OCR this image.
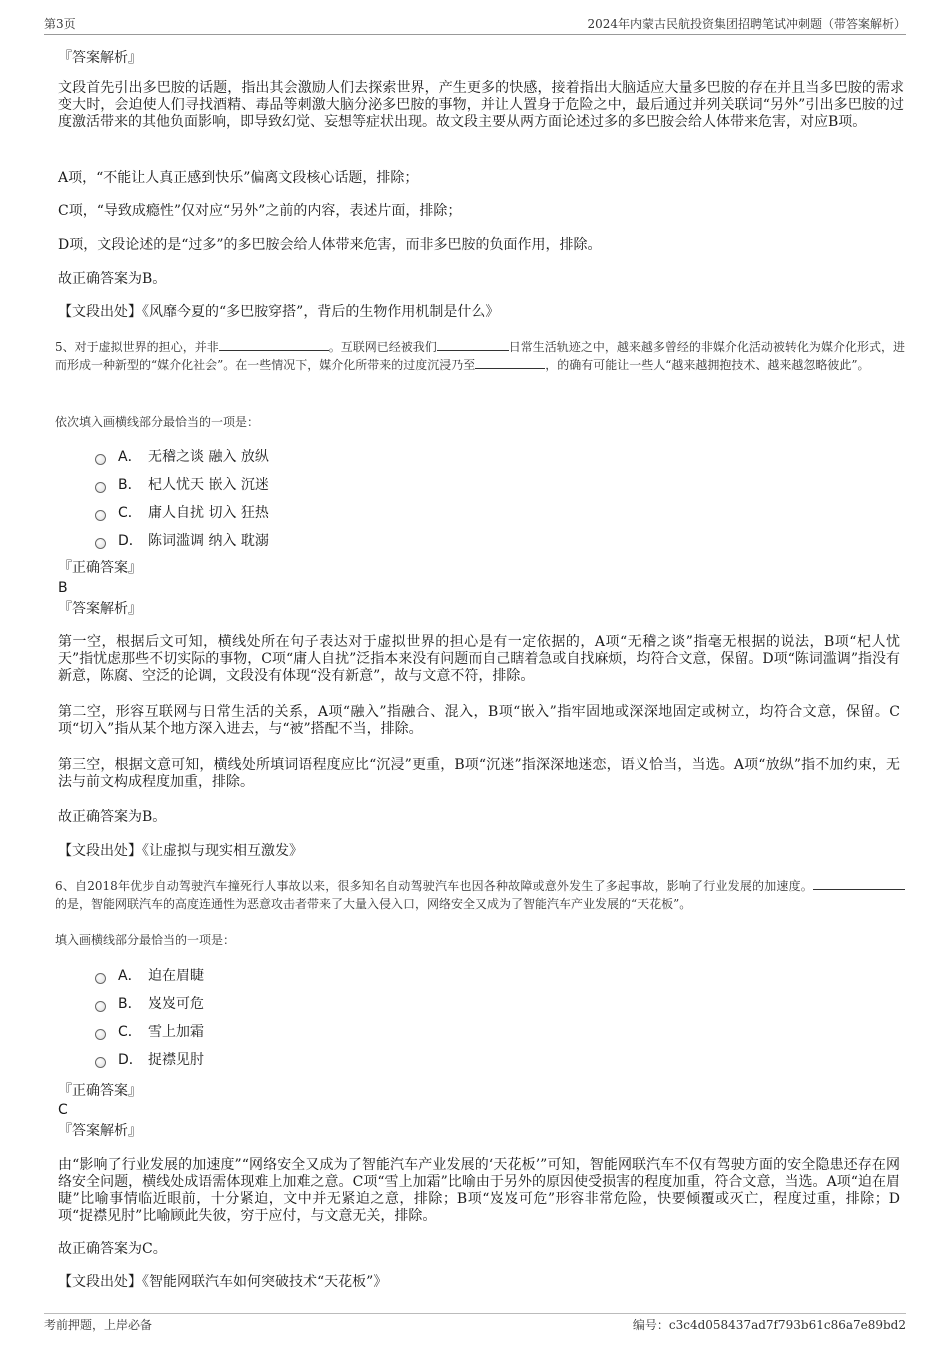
第3页	2024年内蒙古民航投资集团招聘笔试冲刺题（带答案解析）

『答案解析』

文段首先引出多巴胺的话题，指出其会激励人们去探索世界，产生更多的快感，接着指出大脑适应大量多巴胺的存在并且当多巴胺的需求变大时，会迫使人们寻找酒精、毒品等刺激大脑分泌多巴胺的事物，并让人置身于危险之中，最后通过并列关联词“另外”引出多巴胺的过度激活带来的其他负面影响，即导致幻觉、妄想等症状出现。故文段主要从两方面论述过多的多巴胺会给人体带来危害，对应B项。

A项，“不能让人真正感到快乐”偏离文段核心话题，排除；

C项，“导致成瘾性”仅对应“另外”之前的内容，表述片面，排除；

D项，文段论述的是“过多”的多巴胺会给人体带来危害，而非多巴胺的负面作用，排除。

故正确答案为B。

【文段出处】《风靡今夏的“多巴胺穿搭”，背后的生物作用机制是什么》

5、对于虚拟世界的担心，并非	。互联网已经被我们	日常生活轨迹之中，越来越多曾经的非媒介化活动被转化为媒介化形式，进而形成一种新型的“媒介化社会”。在一些情况下，媒介化所带来的过度沉浸乃至	，的确有可能让一些人“越来越拥抱技术、越来越忽略彼此”。

依次填入画横线部分最恰当的一项是：

A． 无稽之谈 融入 放纵
B． 杞人忧天 嵌入 沉迷
C． 庸人自扰 切入 狂热
D． 陈词滥调 纳入 耽溺

『正确答案』

B

『答案解析』

第一空，根据后文可知，横线处所在句子表达对于虚拟世界的担心是有一定依据的，A项“无稽之谈”指毫无根据的说法，B项“杞人忧天”指忧虑那些不切实际的事物，C项“庸人自扰”泛指本来没有问题而自己瞎着急或自找麻烦，均符合文意，保留。D项“陈词滥调”指没有新意，陈腐、空泛的论调，文段没有体现“没有新意”，故与文意不符，排除。

第二空，形容互联网与日常生活的关系，A项“融入”指融合、混入，B项“嵌入”指牢固地或深深地固定或树立，均符合文意，保留。C项“切入”指从某个地方深入进去，与“被”搭配不当，排除。

第三空，根据文意可知，横线处所填词语程度应比“沉浸”更重，B项“沉迷”指深深地迷恋，语义恰当，当选。A项“放纵”指不加约束，无法与前文构成程度加重，排除。

故正确答案为B。

【文段出处】《让虚拟与现实相互激发》

6、自2018年优步自动驾驶汽车撞死行人事故以来，很多知名自动驾驶汽车也因各种故障或意外发生了多起事故，影响了行业发展的加速度。的是，智能网联汽车的高度连通性为恶意攻击者带来了大量入侵入口，网络安全又成为了智能汽车产业发展的“天花板”。

填入画横线部分最恰当的一项是：

A． 迫在眉睫
B． 岌岌可危
C． 雪上加霜
D． 捉襟见肘

『正确答案』

C

『答案解析』

由“影响了行业发展的加速度”“网络安全又成为了智能汽车产业发展的‘天花板’”可知，智能网联汽车不仅有驾驶方面的安全隐患还存在网络安全问题，横线处成语需体现难上加难之意。C项“雪上加霜”比喻由于另外的原因使受损害的程度加重，符合文意，当选。A项“迫在眉睫”比喻事情临近眼前，十分紧迫，文中并无紧迫之意，排除；B项“岌岌可危”形容非常危险，快要倾覆或灭亡，程度过重，排除；D项“捉襟见肘”比喻顾此失彼，穷于应付，与文意无关，排除。

故正确答案为C。

【文段出处】《智能网联汽车如何突破技术“天花板”》

考前押题，上岸必备	编号：c3c4d058437ad7f793b61c86a7e89bd2
